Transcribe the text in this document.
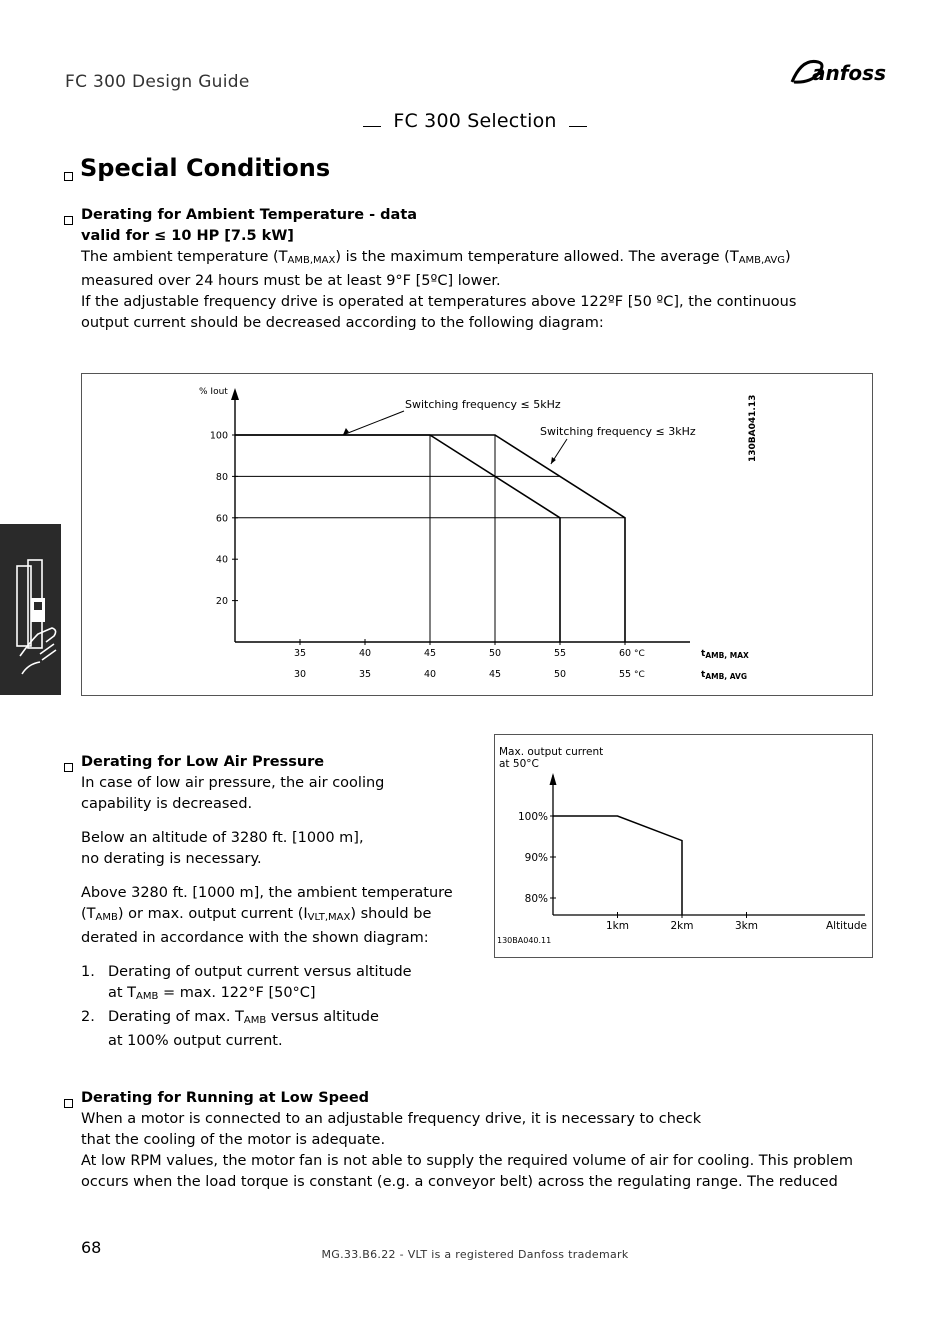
FC 300 Design Guide	anfoss
FC 300 Selection
Special Conditions
Derating for Ambient Temperature - data
valid for ≤ 10 HP [7.5 kW]
The ambient temperature $(T_{AMB,MAX})$ is the maximum temperature allowed. The average $(T_{AMB,AVG})$
measured over 24 hours must be at least 9°F [5ºC] lower.
If the adjustable frequency drive is operated at temperatures above 122ºF [50 ºC], the continuous
output current should be decreased according to the following diagram:
% Iout
20
40
60
80
100
35
30
40
35
45
40
50
45
55
50
60
55
°C
°C
$t_{AMB, MAX}$
$t_{AMB, AVG}$
130BA041.13
Switching frequency ≤ 5kHz
Switching frequency ≤ 3kHz
Derating for Low Air Pressure
In case of low air pressure, the air cooling
capability is decreased.
Below an altitude of 3280 ft. [1000 m],
no derating is necessary.
Above 3280 ft. [1000 m], the ambient temperature
$(T_{AMB})$ or max. output current $(I_{VLT,MAX})$ should be
derated in accordance with the shown diagram:
1. Derating of output current versus altitude
at $T_{AMB} = \max$. 122°F [50°C]
2. Derating of max. $T_{AMB}$ versus altitude
at 100% output current.
Max. output current
at 50°C
80%
90%
100%
1km	2km	3km	Altitude
130BA040.11
Derating for Running at Low Speed
When a motor is connected to an adjustable frequency drive, it is necessary to check
that the cooling of the motor is adequate.
At low RPM values, the motor fan is not able to supply the required volume of air for cooling. This problem
occurs when the load torque is constant (e.g. a conveyor belt) across the regulating range. The reduced
68	MG.33.B6.22 - VLT is a registered Danfoss trademark
